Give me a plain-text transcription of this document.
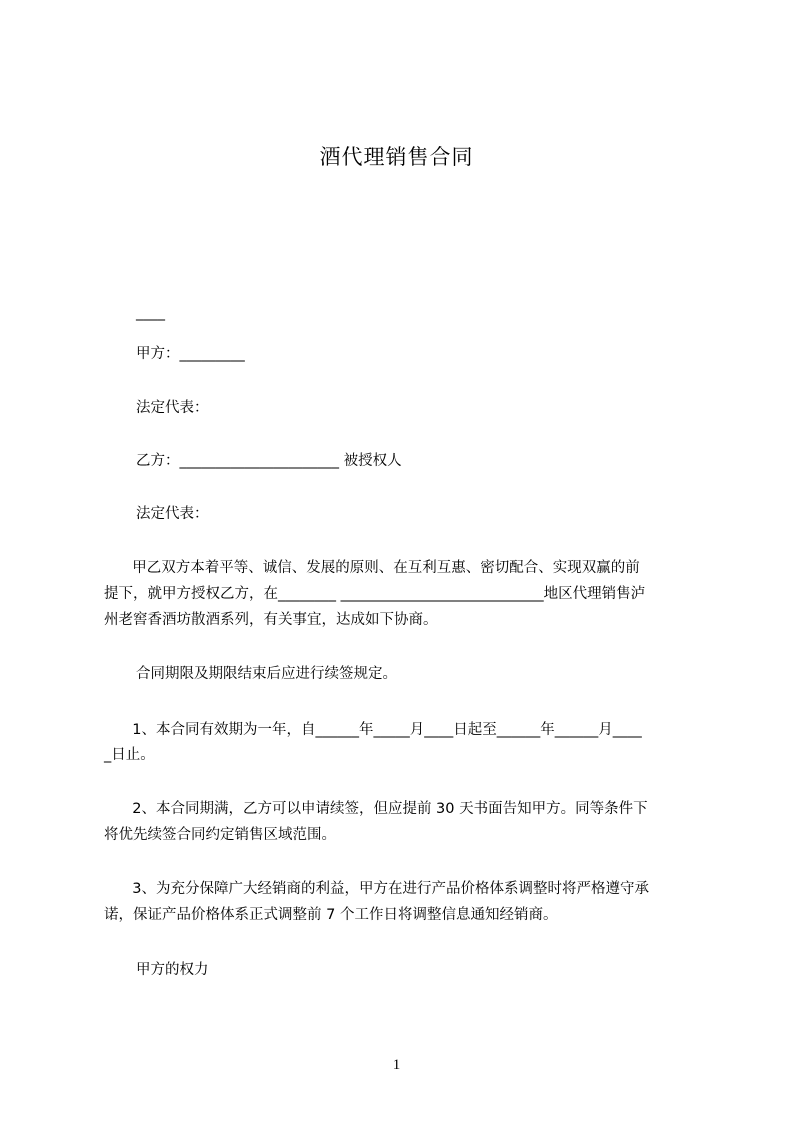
酒代理销售合同
____
甲方：_________
法定代表：
乙方：______________________ 被授权人
法定代表：
甲乙双方本着平等、诚信、发展的原则、在互利互惠、密切配合、实现双赢的前
提下，就甲方授权乙方，在________ ____________________________地区代理销售泸
州老窖香酒坊散酒系列，有关事宜，达成如下协商。
合同期限及期限结束后应进行续签规定。
1、本合同有效期为一年，自______年_____月____日起至______年______月____
_日止。
2、本合同期满，乙方可以申请续签，但应提前 30 天书面告知甲方。同等条件下
将优先续签合同约定销售区域范围。
3、为充分保障广大经销商的利益，甲方在进行产品价格体系调整时将严格遵守承
诺，保证产品价格体系正式调整前 7 个工作日将调整信息通知经销商。
甲方的权力
1
